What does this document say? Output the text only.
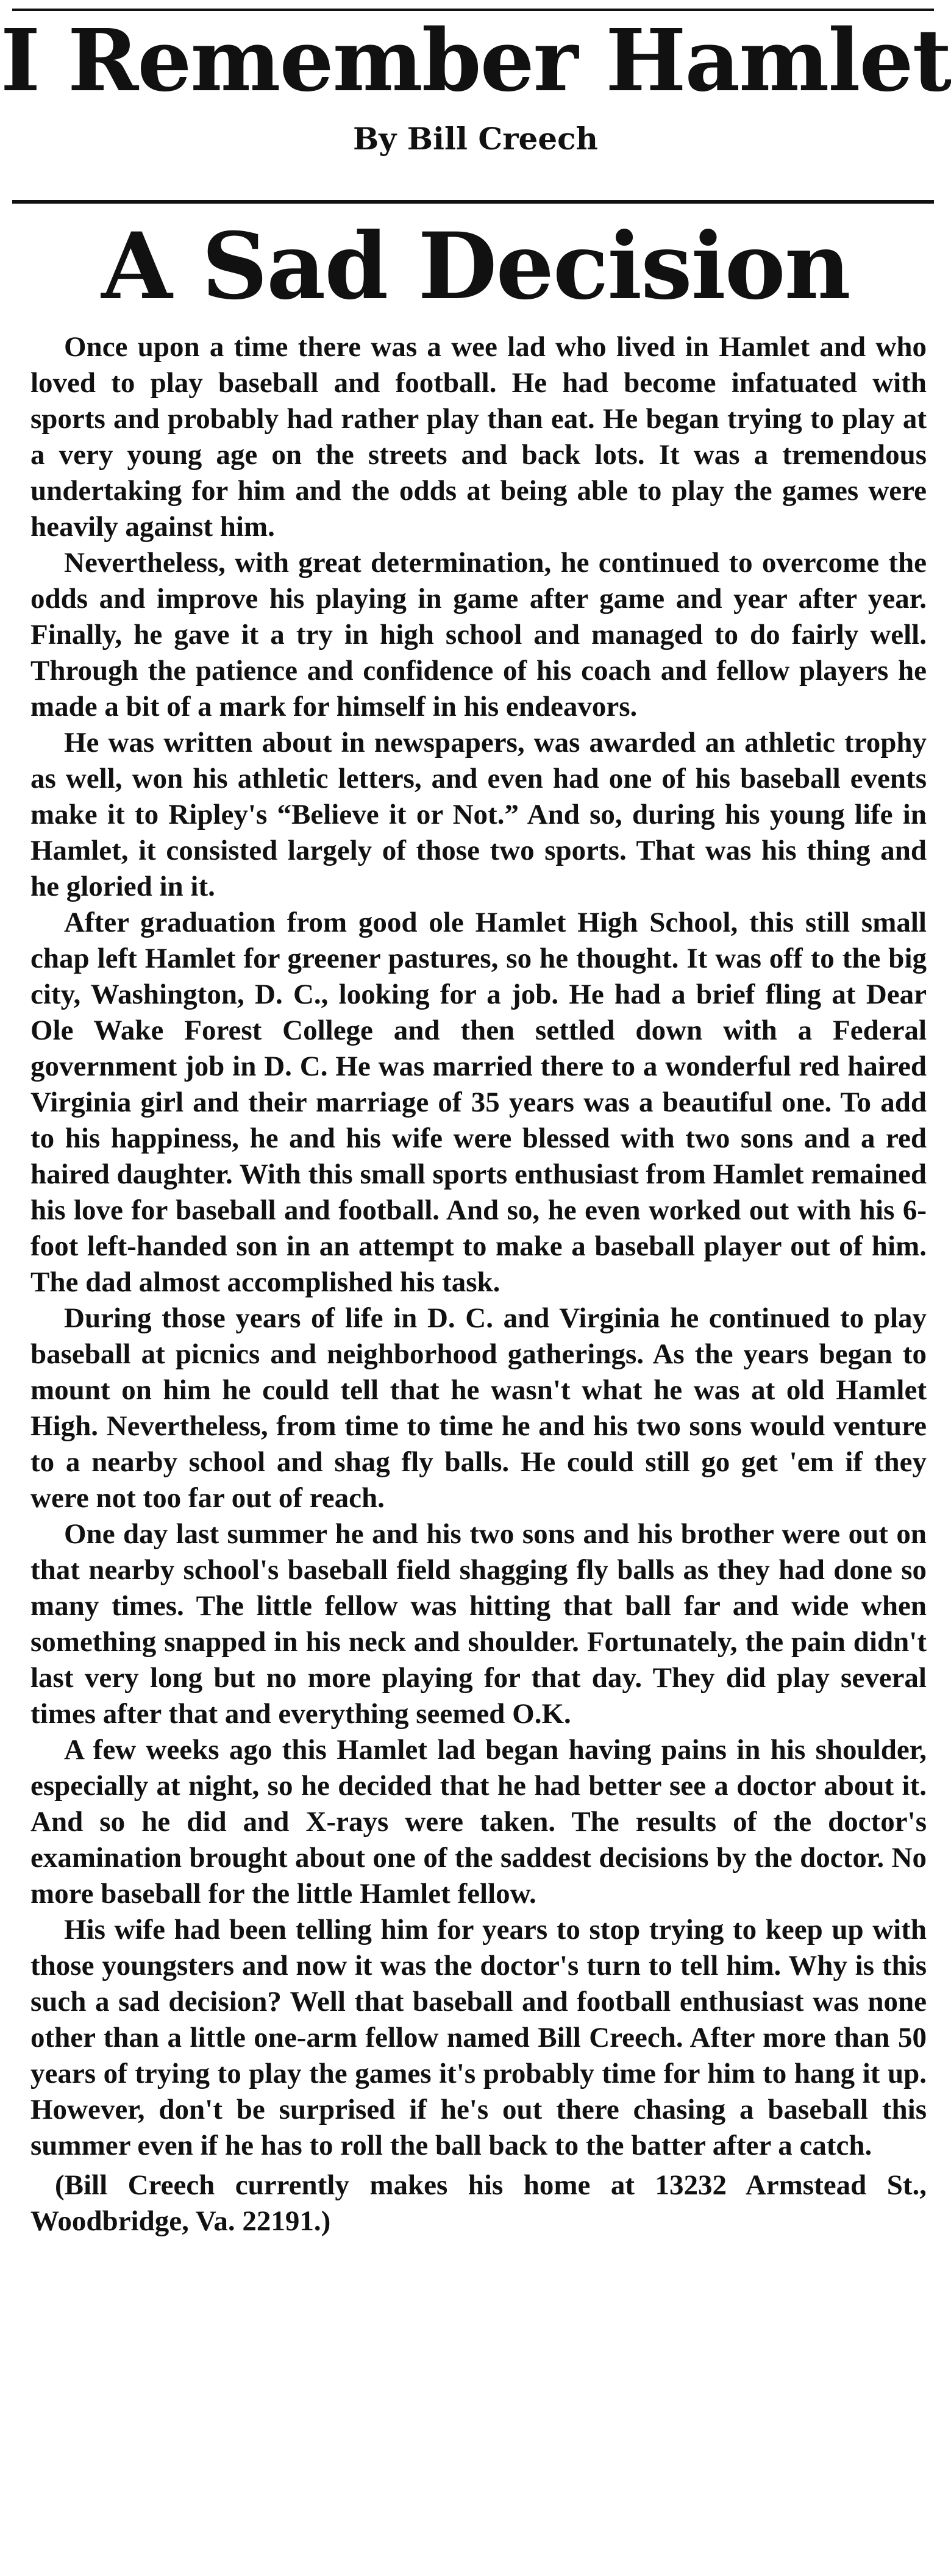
I Remember Hamlet
By Bill Creech
A Sad Decision

Once upon a time there was a wee lad who lived in Hamlet and who loved to play baseball and football. He had become infatuated with sports and probably had rather play than eat. He began trying to play at a very young age on the streets and back lots. It was a tremendous undertaking for him and the odds at being able to play the games were heavily against him.

Nevertheless, with great determination, he continued to overcome the odds and improve his playing in game after game and year after year. Finally, he gave it a try in high school and managed to do fairly well. Through the patience and confidence of his coach and fellow players he made a bit of a mark for himself in his endeavors.

He was written about in newspapers, was awarded an athletic trophy as well, won his athletic letters, and even had one of his baseball events make it to Ripley's “Believe it or Not.” And so, during his young life in Hamlet, it consisted largely of those two sports. That was his thing and he gloried in it.

After graduation from good ole Hamlet High School, this still small chap left Hamlet for greener pastures, so he thought. It was off to the big city, Washington, D. C., looking for a job. He had a brief fling at Dear Ole Wake Forest College and then settled down with a Federal government job in D. C. He was married there to a wonderful red haired Virginia girl and their marriage of 35 years was a beautiful one. To add to his happiness, he and his wife were blessed with two sons and a red haired daughter. With this small sports enthusiast from Hamlet remained his love for baseball and football. And so, he even worked out with his 6-foot left-handed son in an attempt to make a baseball player out of him. The dad almost accomplished his task.

During those years of life in D. C. and Virginia he continued to play baseball at picnics and neighborhood gatherings. As the years began to mount on him he could tell that he wasn't what he was at old Hamlet High. Nevertheless, from time to time he and his two sons would venture to a nearby school and shag fly balls. He could still go get 'em if they were not too far out of reach.

One day last summer he and his two sons and his brother were out on that nearby school's baseball field shagging fly balls as they had done so many times. The little fellow was hitting that ball far and wide when something snapped in his neck and shoulder. Fortunately, the pain didn't last very long but no more playing for that day. They did play several times after that and everything seemed O.K.

A few weeks ago this Hamlet lad began having pains in his shoulder, especially at night, so he decided that he had better see a doctor about it. And so he did and X-rays were taken. The results of the doctor's examination brought about one of the saddest decisions by the doctor. No more baseball for the little Hamlet fellow.

His wife had been telling him for years to stop trying to keep up with those youngsters and now it was the doctor's turn to tell him. Why is this such a sad decision? Well that baseball and football enthusiast was none other than a little one-arm fellow named Bill Creech. After more than 50 years of trying to play the games it's probably time for him to hang it up. However, don't be surprised if he's out there chasing a baseball this summer even if he has to roll the ball back to the batter after a catch.

(Bill Creech currently makes his home at 13232 Armstead St., Woodbridge, Va. 22191.)
